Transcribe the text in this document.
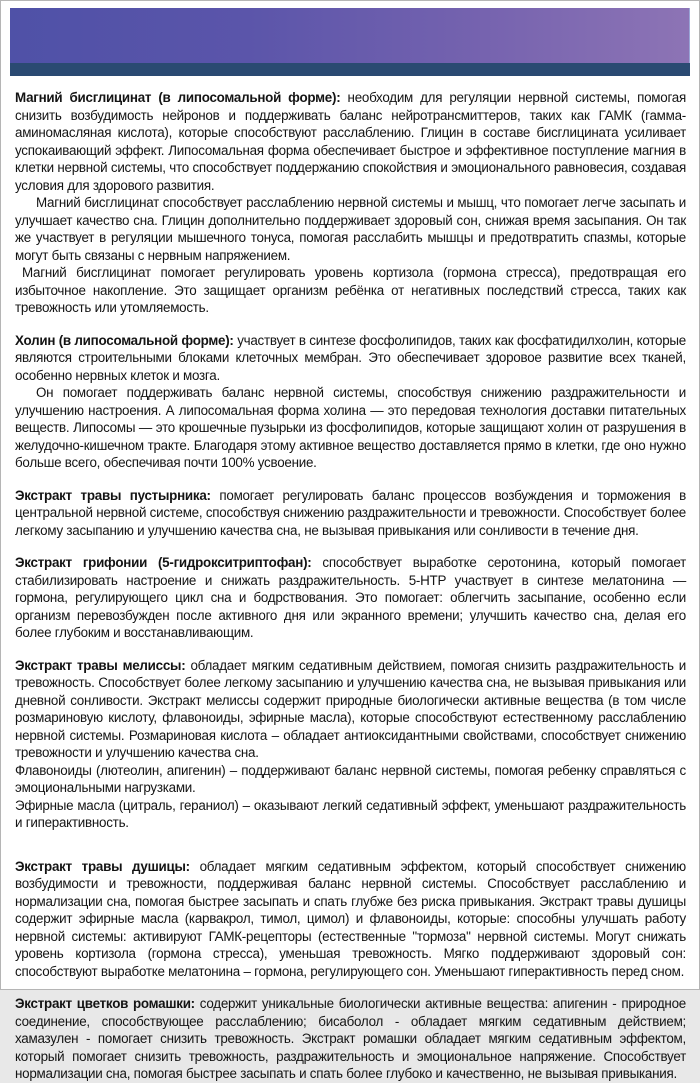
Магний бисглицинат (в липосомальной форме): необходим для регуляции нервной системы, помогая снизить возбудимость нейронов и поддерживать баланс нейротрансмиттеров, таких как ГАМК (гамма-аминомасляная кислота), которые способствуют расслаблению. Глицин в составе бисглицината усиливает успокаивающий эффект. Липосомальная форма обеспечивает быстрое и эффективное поступление магния в клетки нервной системы, что способствует поддержанию спокойствия и эмоционального равновесия, создавая условия для здорового развития.

Магний бисглицинат способствует расслаблению нервной системы и мышц, что помогает легче засыпать и улучшает качество сна. Глицин дополнительно поддерживает здоровый сон, снижая время засыпания. Он так же участвует в регуляции мышечного тонуса, помогая расслабить мышцы и предотвратить спазмы, которые могут быть связаны с нервным напряжением.

Магний бисглицинат помогает регулировать уровень кортизола (гормона стресса), предотвращая его избыточное накопление. Это защищает организм ребёнка от негативных последствий стресса, таких как тревожность или утомляемость.

Холин (в липосомальной форме): участвует в синтезе фосфолипидов, таких как фосфатидилхолин, которые являются строительными блоками клеточных мембран. Это обеспечивает здоровое развитие всех тканей, особенно нервных клеток и мозга.

Он помогает поддерживать баланс нервной системы, способствуя снижению раздражительности и улучшению настроения. А липосомальная форма холина — это передовая технология доставки питательных веществ. Липосомы — это крошечные пузырьки из фосфолипидов, которые защищают холин от разрушения в желудочно-кишечном тракте. Благодаря этому активное вещество доставляется прямо в клетки, где оно нужно больше всего, обеспечивая почти 100% усвоение.

Экстракт травы пустырника: помогает регулировать баланс процессов возбуждения и торможения в центральной нервной системе, способствуя снижению раздражительности и тревожности. Способствует более легкому засыпанию и улучшению качества сна, не вызывая привыкания или сонливости в течение дня.

Экстракт грифонии (5-гидрокситриптофан): способствует выработке серотонина, который помогает стабилизировать настроение и снижать раздражительность. 5-HTP участвует в синтезе мелатонина — гормона, регулирующего цикл сна и бодрствования. Это помогает: облегчить засыпание, особенно если организм перевозбужден после активного дня или экранного времени; улучшить качество сна, делая его более глубоким и восстанавливающим.

Экстракт травы мелиссы: обладает мягким седативным действием, помогая снизить раздражительность и тревожность. Способствует более легкому засыпанию и улучшению качества сна, не вызывая привыкания или дневной сонливости. Экстракт мелиссы содержит природные биологически активные вещества (в том числе розмариновую кислоту, флавоноиды, эфирные масла), которые способствуют естественному расслаблению нервной системы. Розмариновая кислота – обладает антиоксидантными свойствами, способствует снижению тревожности и улучшению качества сна.

Флавоноиды (лютеолин, апигенин) – поддерживают баланс нервной системы, помогая ребенку справляться с эмоциональными нагрузками.

Эфирные масла (цитраль, гераниол) – оказывают легкий седативный эффект, уменьшают раздражительность и гиперактивность.

Экстракт травы душицы: обладает мягким седативным эффектом, который способствует снижению возбудимости и тревожности, поддерживая баланс нервной системы. Способствует расслаблению и нормализации сна, помогая быстрее засыпать и спать глубже без риска привыкания. Экстракт травы душицы содержит эфирные масла (карвакрол, тимол, цимол) и флавоноиды, которые: способны улучшать работу нервной системы: активируют ГАМК-рецепторы (естественные "тормоза" нервной системы. Могут снижать уровень кортизола (гормона стресса), уменьшая тревожность. Мягко поддерживают здоровый сон: способствуют выработке мелатонина – гормона, регулирующего сон. Уменьшают гиперактивность перед сном.

Экстракт цветков ромашки: содержит уникальные биологически активные вещества: апигенин - природное соединение, способствующее расслаблению; бисаболол - обладает мягким седативным действием; хамазулен - помогает снизить тревожность. Экстракт ромашки обладает мягким седативным эффектом, который помогает снизить тревожность, раздражительность и эмоциональное напряжение. Способствует нормализации сна, помогая быстрее засыпать и спать более глубоко и качественно, не вызывая привыкания.
